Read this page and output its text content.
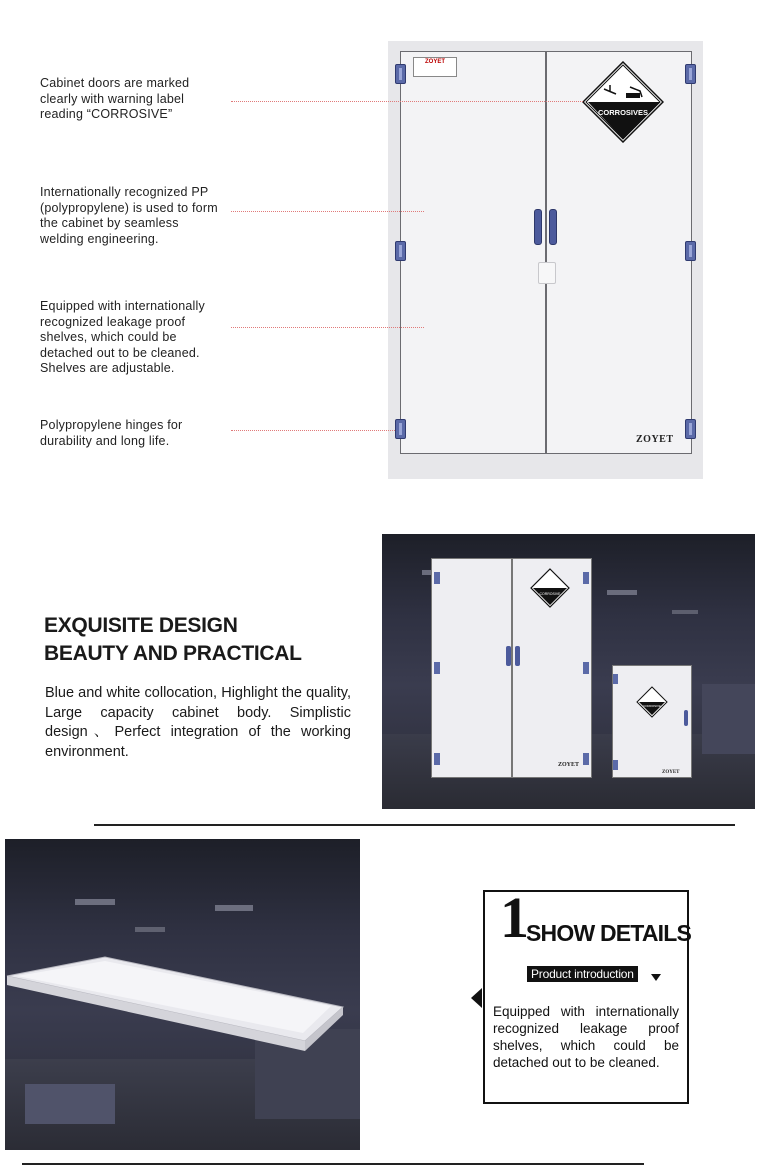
ZOYET
CORROSIVES
ZOYET
Cabinet doors are marked clearly with warning label reading “CORROSIVE”
Internationally recognized PP (polypropylene) is used to form the cabinet by seamless welding engineering.
Equipped with internationally recognized leakage proof shelves, which could be detached out to be cleaned. Shelves are adjustable.
Polypropylene hinges for durability and long life.
EXQUISITE DESIGN
BEAUTY AND PRACTICAL
Blue and white collocation, Highlight the quality, Large capacity cabinet body. Simplistic design、Perfect integration of the working environment.
CORROSIVE
ZOYET
CORROSIVE
ZOYET
1
SHOW DETAILS
Product introduction
Equipped with internationally recognized leakage proof shelves, which could be detached out to be cleaned.
